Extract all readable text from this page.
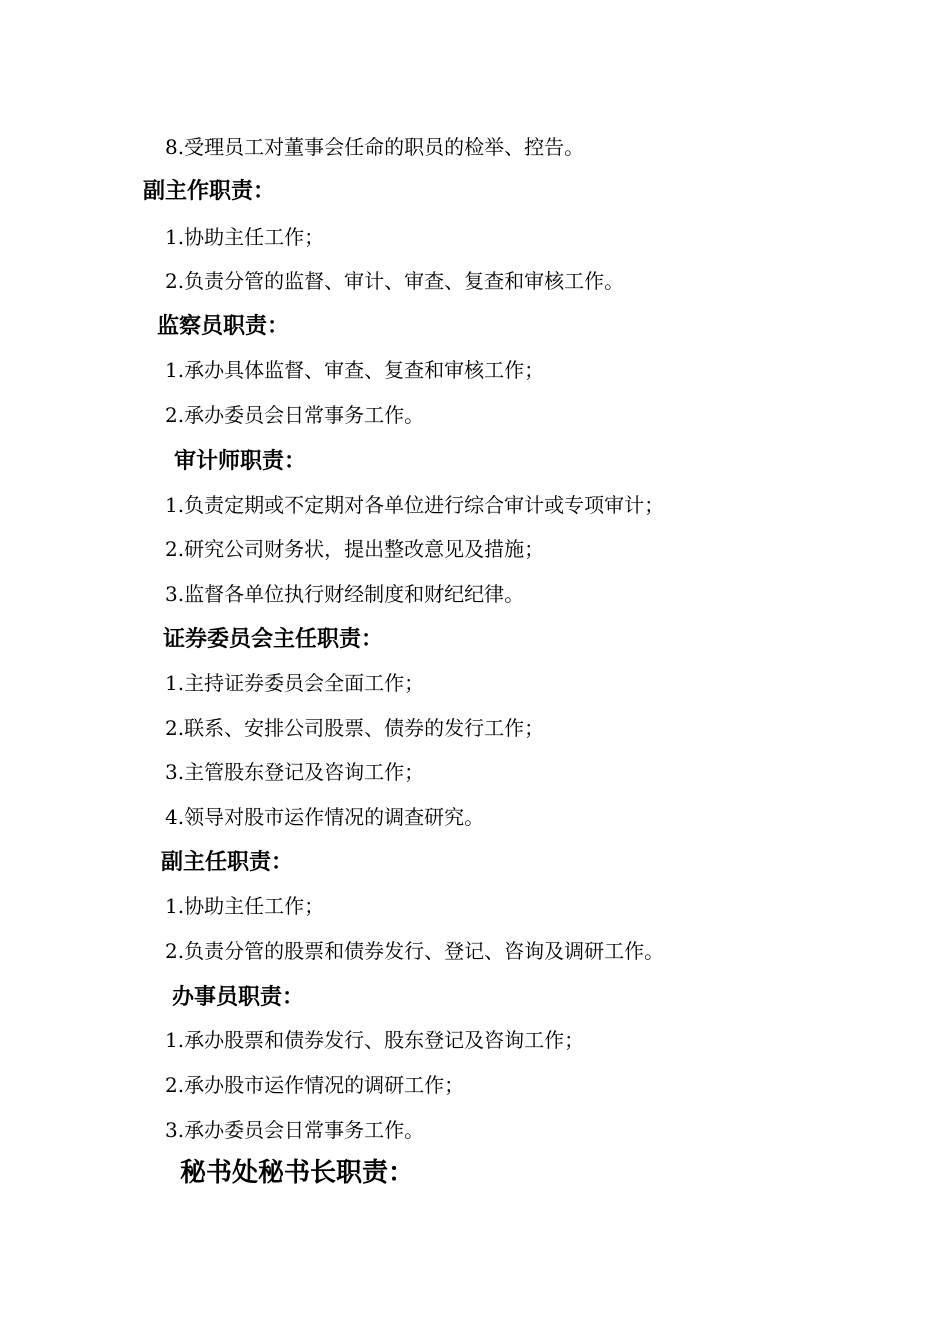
8.受理员工对董事会任命的职员的检举、控告。
副主作职责：
1.协助主任工作；
2.负责分管的监督、审计、审查、复查和审核工作。
监察员职责：
1.承办具体监督、审查、复查和审核工作；
2.承办委员会日常事务工作。
审计师职责：
1.负责定期或不定期对各单位进行综合审计或专项审计；
2.研究公司财务状，提出整改意见及措施；
3.监督各单位执行财经制度和财纪纪律。
证券委员会主任职责：
1.主持证券委员会全面工作；
2.联系、安排公司股票、债券的发行工作；
3.主管股东登记及咨询工作；
4.领导对股市运作情况的调查研究。
副主任职责：
1.协助主任工作；
2.负责分管的股票和债券发行、登记、咨询及调研工作。
办事员职责：
1.承办股票和债券发行、股东登记及咨询工作；
2.承办股市运作情况的调研工作；
3.承办委员会日常事务工作。
秘书处秘书长职责：
